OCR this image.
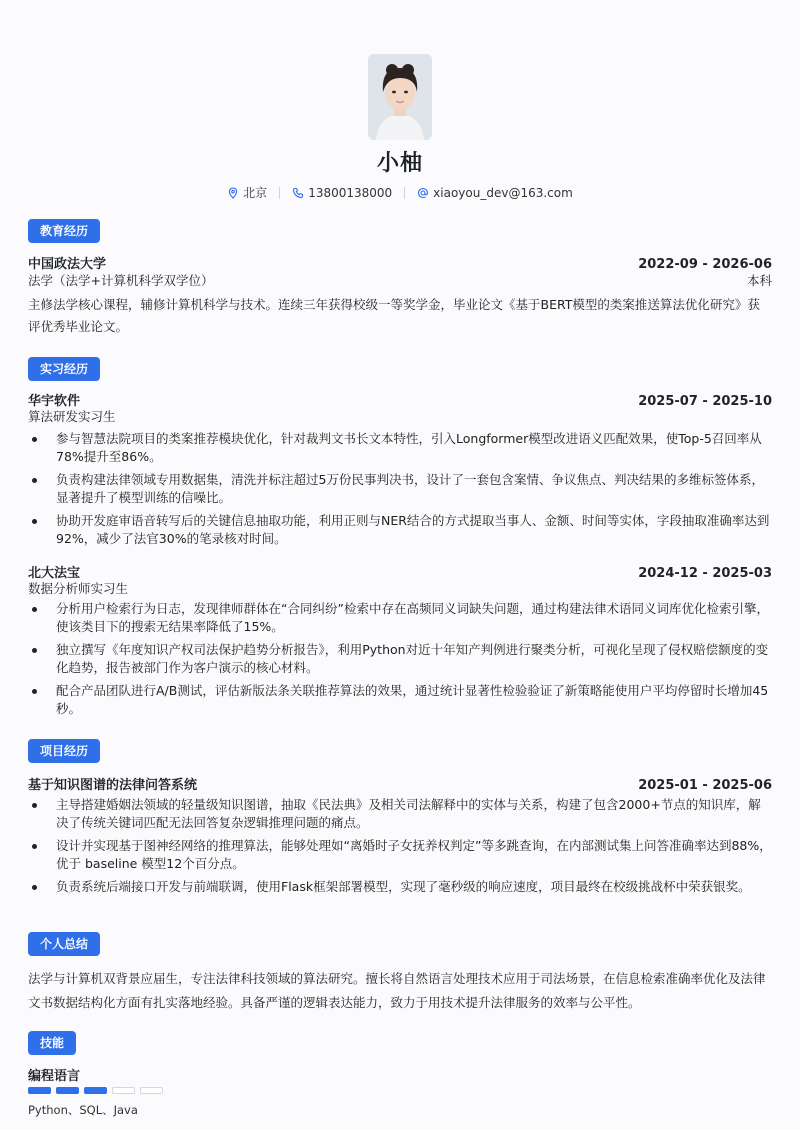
小柚
北京	13800138000	xiaoyou_dev@163.com
教育经历
中国政法大学	2022-09 - 2026-06
法学（法学+计算机科学双学位）	本科
主修法学核心课程，辅修计算机科学与技术。连续三年获得校级一等奖学金，毕业论文《基于BERT模型的类案推送算法优化研究》获评优秀毕业论文。
实习经历
华宇软件	2025-07 - 2025-10
算法研发实习生
参与智慧法院项目的类案推荐模块优化，针对裁判文书长文本特性，引入Longformer模型改进语义匹配效果，使Top-5召回率从78%提升至86%。
负责构建法律领域专用数据集，清洗并标注超过5万份民事判决书，设计了一套包含案情、争议焦点、判决结果的多维标签体系，显著提升了模型训练的信噪比。
协助开发庭审语音转写后的关键信息抽取功能，利用正则与NER结合的方式提取当事人、金额、时间等实体，字段抽取准确率达到92%，减少了法官30%的笔录核对时间。
北大法宝	2024-12 - 2025-03
数据分析师实习生
分析用户检索行为日志，发现律师群体在“合同纠纷”检索中存在高频同义词缺失问题，通过构建法律术语同义词库优化检索引擎，使该类目下的搜索无结果率降低了15%。
独立撰写《年度知识产权司法保护趋势分析报告》，利用Python对近十年知产判例进行聚类分析，可视化呈现了侵权赔偿额度的变化趋势，报告被部门作为客户演示的核心材料。
配合产品团队进行A/B测试，评估新版法条关联推荐算法的效果，通过统计显著性检验验证了新策略能使用户平均停留时长增加45秒。
项目经历
基于知识图谱的法律问答系统	2025-01 - 2025-06
主导搭建婚姻法领域的轻量级知识图谱，抽取《民法典》及相关司法解释中的实体与关系，构建了包含2000+节点的知识库，解决了传统关键词匹配无法回答复杂逻辑推理问题的痛点。
设计并实现基于图神经网络的推理算法，能够处理如“离婚时子女抚养权判定”等多跳查询，在内部测试集上问答准确率达到88%，优于 baseline 模型12个百分点。
负责系统后端接口开发与前端联调，使用Flask框架部署模型，实现了毫秒级的响应速度，项目最终在校级挑战杯中荣获银奖。
个人总结
法学与计算机双背景应届生，专注法律科技领域的算法研究。擅长将自然语言处理技术应用于司法场景，在信息检索准确率优化及法律文书数据结构化方面有扎实落地经验。具备严谨的逻辑表达能力，致力于用技术提升法律服务的效率与公平性。
技能
编程语言
Python、SQL、Java
